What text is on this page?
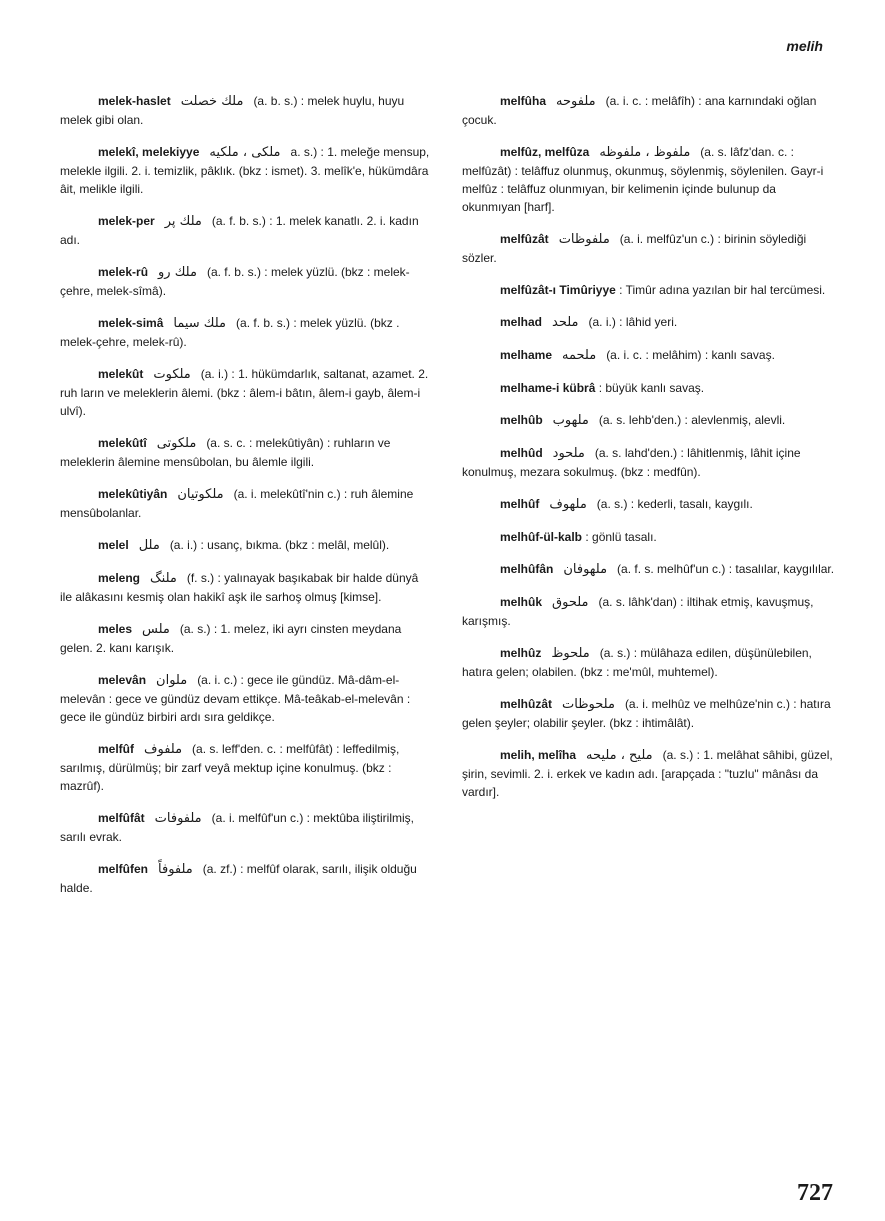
melih
melek-haslet ملك خصلت (a. b. s.) : melek huylu, huyu melek gibi olan.
melekî, melekiyye ملكى ، ملكيه a. s.) : 1. meleğe mensup, melekle ilgili. 2. i. temizlik, pâklık. (bkz : ismet). 3. melîk'e, hükümdâra âit, melikle ilgili.
melek-per ملك پر (a. f. b. s.) : 1. melek kanatlı. 2. i. kadın adı.
melek-rû ملك رو (a. f. b. s.) : melek yüzlü. (bkz : melek-çehre, melek-sîmâ).
melek-simâ ملك سيما (a. f. b. s.) : melek yüzlü. (bkz . melek-çehre, melek-rû).
melekût ملكوت (a. i.) : 1. hükümdarlık, saltanat, azamet. 2. ruh ların ve meleklerin âlemi. (bkz : âlem-i bâtın, âlem-i gayb, âlem-i ulvî).
melekûtî ملكوتى (a. s. c. : melekûtiyân) : ruhların ve meleklerin âlemine mensûbolan, bu âlemle ilgili.
melekûtiyân ملكوتيان (a. i. melekûtî'nin c.) : ruh âlemine mensûbolanlar.
melel ملل (a. i.) : usanç, bıkma. (bkz : melâl, melûl).
meleng ملنگ (f. s.) : yalınayak başıkabak bir halde dünyâ ile alâkasını kesmiş olan hakikî aşk ile sarhoş olmuş [kimse].
meles ملس (a. s.) : 1. melez, iki ayrı cinsten meydana gelen. 2. kanı karışık.
melevân ملوان (a. i. c.) : gece ile gündüz. Mâ-dâm-el-melevân : gece ve gündüz devam ettikçe. Mâ-teâkab-el-melevân : gece ile gündüz birbiri ardı sıra geldikçe.
melfûf ملفوف (a. s. leff'den. c. : melfûfât) : leffedilmiş, sarılmış, dürülmüş; bir zarf veyâ mektup içine konulmuş. (bkz : mazrûf).
melfûfât ملفوفات (a. i. melfûf'un c.) : mektûba iliştirilmiş, sarılı evrak.
melfûfen ملفوفاً (a. zf.) : melfûf olarak, sarılı, ilişik olduğu halde.
melfûha ملفوحه (a. i. c. : melâfîh) : ana karnındaki oğlan çocuk.
melfûz, melfûza ملفوظ ، ملفوظه (a. s. lâfz'dan. c. : melfûzât) : telâffuz olunmuş, okunmuş, söylenmiş, söylenilen. Gayr-i melfûz : telâffuz olunmıyan, bir kelimenin içinde bulunup da okunmıyan [harf].
melfûzât ملفوظات (a. i. melfûz'un c.) : birinin söylediği sözler.
melfûzât-ı Timûriyye : Timûr adına yazılan bir hal tercümesi.
melhad ملحد (a. i.) : lâhid yeri.
melhame ملحمه (a. i. c. : melâhim) : kanlı savaş.
melhame-i kübrâ : büyük kanlı savaş.
melhûb ملهوب (a. s. lehb'den.) : alevlenmiş, alevli.
melhûd ملحود (a. s. lahd'den.) : lâhitlenmiş, lâhit içine konulmuş, mezara sokulmuş. (bkz : medfûn).
melhûf ملهوف (a. s.) : kederli, tasalı, kaygılı.
melhûf-ül-kalb : gönlü tasalı.
melhûfân ملهوفان (a. f. s. melhûf'un c.) : tasalılar, kaygılılar.
melhûk ملحوق (a. s. lâhk'dan) : iltihak etmiş, kavuşmuş, karışmış.
melhûz ملحوظ (a. s.) : mülâhaza edilen, düşünülebilen, hatıra gelen; olabilen. (bkz : me'mûl, muhtemel).
melhûzât ملحوظات (a. i. melhûz ve melhûze'nin c.) : hatıra gelen şeyler; olabilir şeyler. (bkz : ihtimâlât).
melih, melîha مليح ، مليحه (a. s.) : 1. melâhat sâhibi, güzel, şirin, sevimli. 2. i. erkek ve kadın adı. [arapçada : "tuzlu" mânâsı da vardır].
727
